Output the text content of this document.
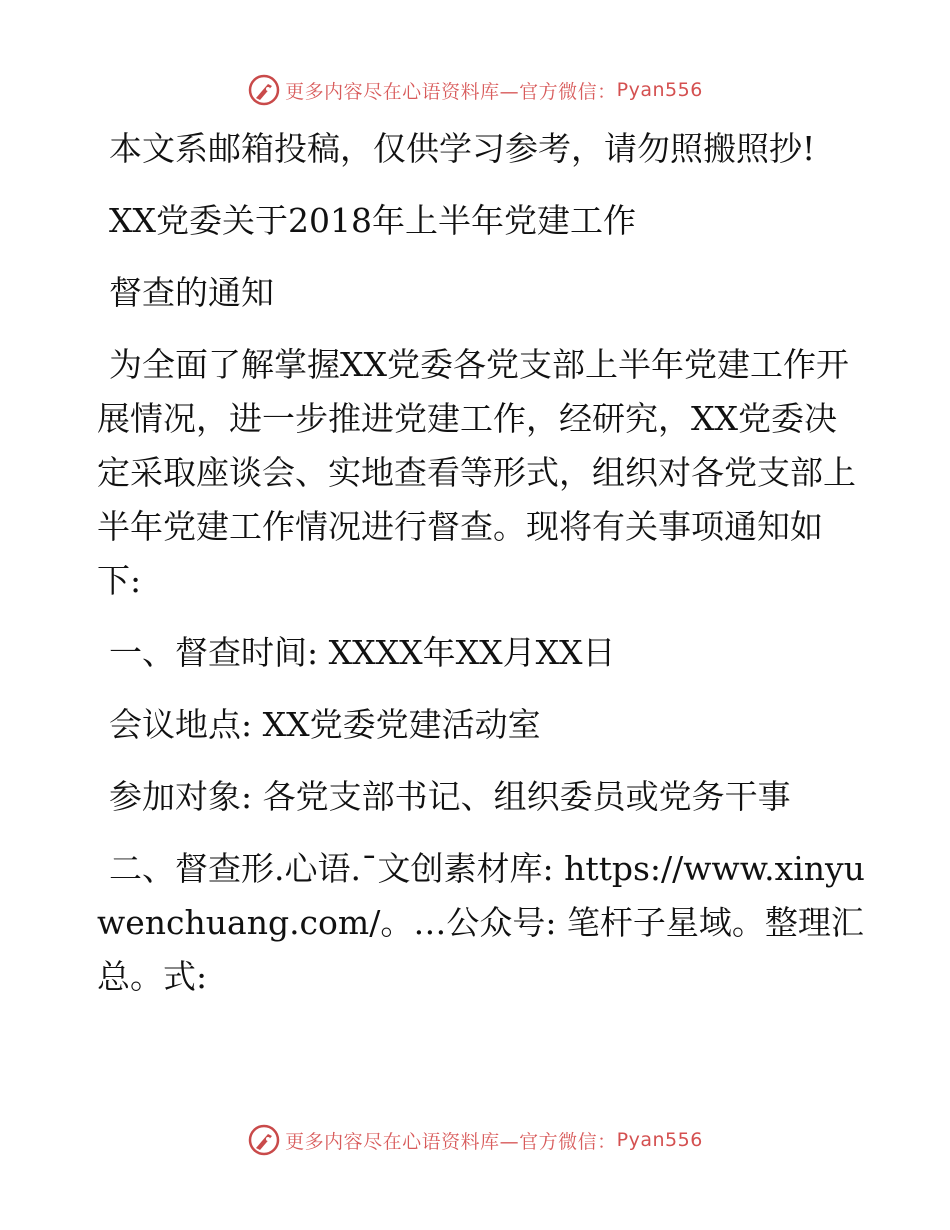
更多内容尽在心语资料库—官方微信： Pyan556
本文系邮箱投稿，仅供学习参考，请勿照搬照抄!
XX党委关于2018年上半年党建工作
督查的通知
为全面了解掌握XX党委各党支部上半年党建工作开展情况，进一步推进党建工作，经研究，XX党委决定采取座谈会、实地查看等形式，组织对各党支部上半年党建工作情况进行督查。现将有关事项通知如下:
一、督查时间: XXXX年XX月XX日
会议地点: XX党委党建活动室
参加对象: 各党支部书记、组织委员或党务干事
二、督查形.心语.¯文创素材库: https://www.xinyuwenchuang.com/。…公众号: 笔杆子星域。整理汇总。式:
更多内容尽在心语资料库—官方微信： Pyan556
